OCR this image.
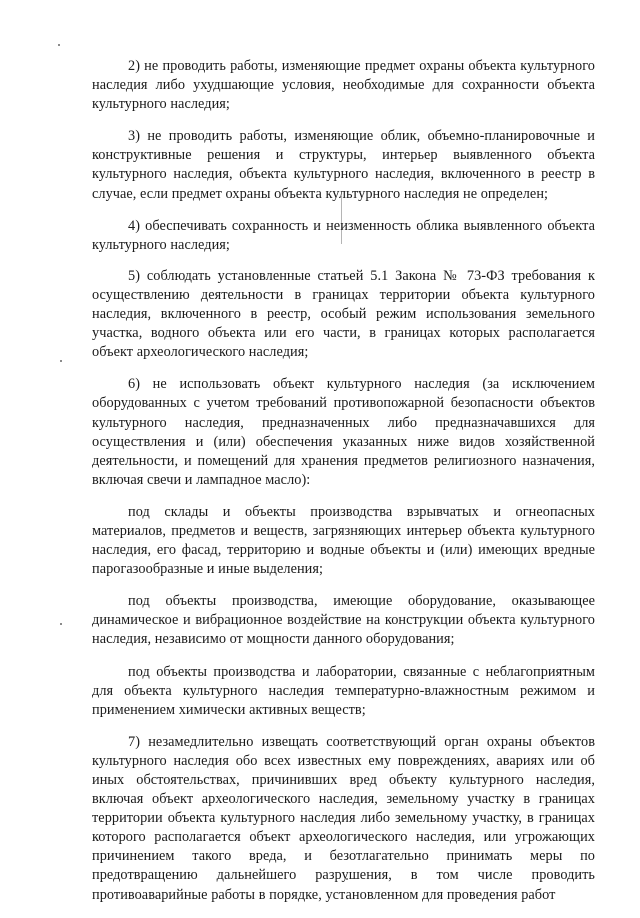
2) не проводить работы, изменяющие предмет охраны объекта культурного наследия либо ухудшающие условия, необходимые для сохранности объекта культурного наследия;

3) не проводить работы, изменяющие облик, объемно-планировочные и конструктивные решения и структуры, интерьер выявленного объекта культурного наследия, объекта культурного наследия, включенного в реестр в случае, если предмет охраны объекта культурного наследия не определен;

4) обеспечивать сохранность и неизменность облика выявленного объекта культурного наследия;

5) соблюдать установленные статьей 5.1 Закона № 73-ФЗ требования к осуществлению деятельности в границах территории объекта культурного наследия, включенного в реестр, особый режим использования земельного участка, водного объекта или его части, в границах которых располагается объект археологического наследия;

6) не использовать объект культурного наследия (за исключением оборудованных с учетом требований противопожарной безопасности объектов культурного наследия, предназначенных либо предназначавшихся для осуществления и (или) обеспечения указанных ниже видов хозяйственной деятельности, и помещений для хранения предметов религиозного назначения, включая свечи и лампадное масло):

под склады и объекты производства взрывчатых и огнеопасных материалов, предметов и веществ, загрязняющих интерьер объекта культурного наследия, его фасад, территорию и водные объекты и (или) имеющих вредные парогазообразные и иные выделения;

под объекты производства, имеющие оборудование, оказывающее динамическое и вибрационное воздействие на конструкции объекта культурного наследия, независимо от мощности данного оборудования;

под объекты производства и лаборатории, связанные с неблагоприятным для объекта культурного наследия температурно-влажностным режимом и применением химически активных веществ;

7) незамедлительно извещать соответствующий орган охраны объектов культурного наследия обо всех известных ему повреждениях, авариях или об иных обстоятельствах, причинивших вред объекту культурного наследия, включая объект археологического наследия, земельному участку в границах территории объекта культурного наследия либо земельному участку, в границах которого располагается объект археологического наследия, или угрожающих причинением такого вреда, и безотлагательно принимать меры по предотвращению дальнейшего разрушения, в том числе проводить противоаварийные работы в порядке, установленном для проведения работ
